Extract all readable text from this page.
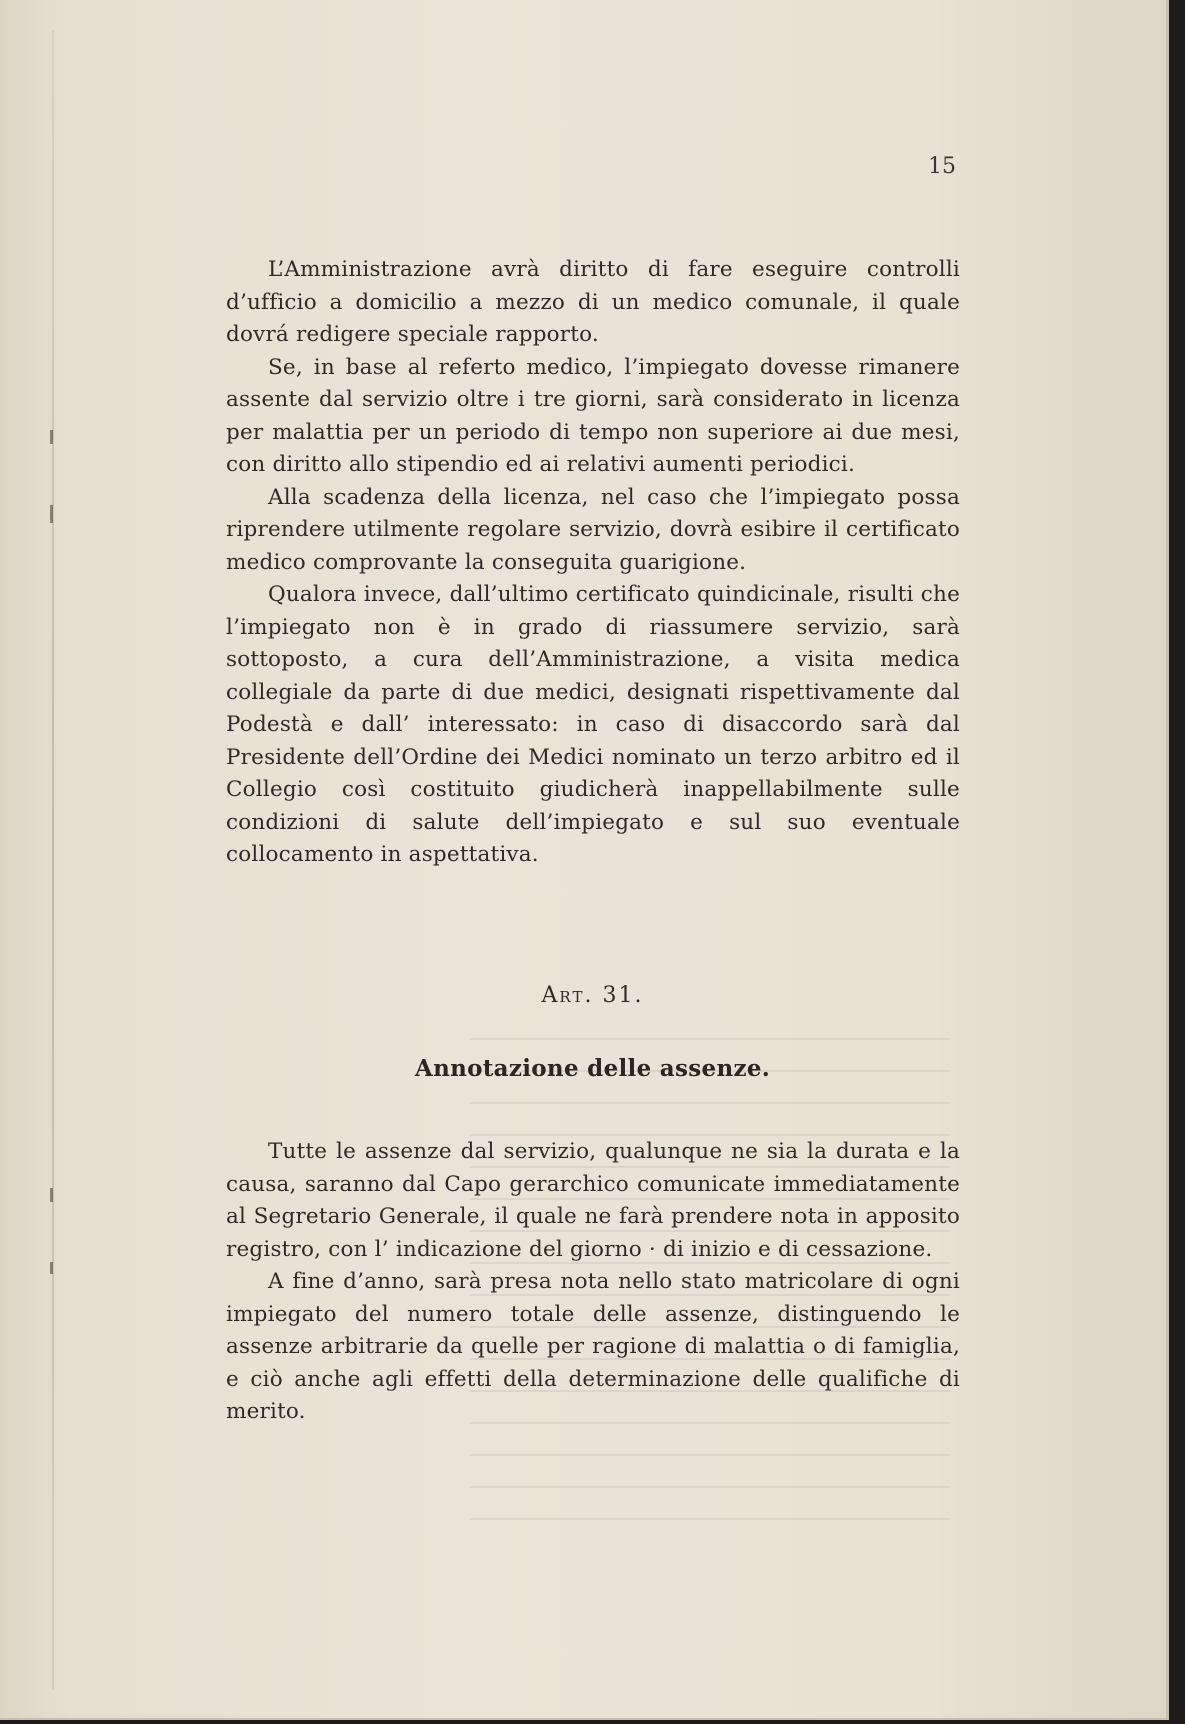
15

L’Amministrazione avrà diritto di fare eseguire controlli d’ufficio a domicilio a mezzo di un medico comunale, il quale dovrá redigere speciale rapporto.

Se, in base al referto medico, l’impiegato dovesse rimanere assente dal servizio oltre i tre giorni, sarà considerato in licenza per malattia per un periodo di tempo non superiore ai due mesi, con diritto allo stipendio ed ai relativi aumenti periodici.

Alla scadenza della licenza, nel caso che l’impiegato possa riprendere utilmente regolare servizio, dovrà esibire il certificato medico comprovante la conseguita guarigione.

Qualora invece, dall’ultimo certificato quindicinale, risulti che l’impiegato non è in grado di riassumere servizio, sarà sottoposto, a cura dell’Amministrazione, a visita medica collegiale da parte di due medici, designati rispettivamente dal Podestà e dall’ interessato: in caso di disaccordo sarà dal Presidente dell’Ordine dei Medici nominato un terzo arbitro ed il Collegio così costituito giudicherà inappellabilmente sulle condizioni di salute dell’impiegato e sul suo eventuale collocamento in aspettativa.

Art. 31.
Annotazione delle assenze.

Tutte le assenze dal servizio, qualunque ne sia la durata e la causa, saranno dal Capo gerarchico comunicate immediatamente al Segretario Generale, il quale ne farà prendere nota in apposito registro, con l’ indicazione del giorno · di inizio e di cessazione.

A fine d’anno, sarà presa nota nello stato matricolare di ogni impiegato del numero totale delle assenze, distinguendo le assenze arbitrarie da quelle per ragione di malattia o di famiglia, e ciò anche agli effetti della determinazione delle qualifiche di merito.
